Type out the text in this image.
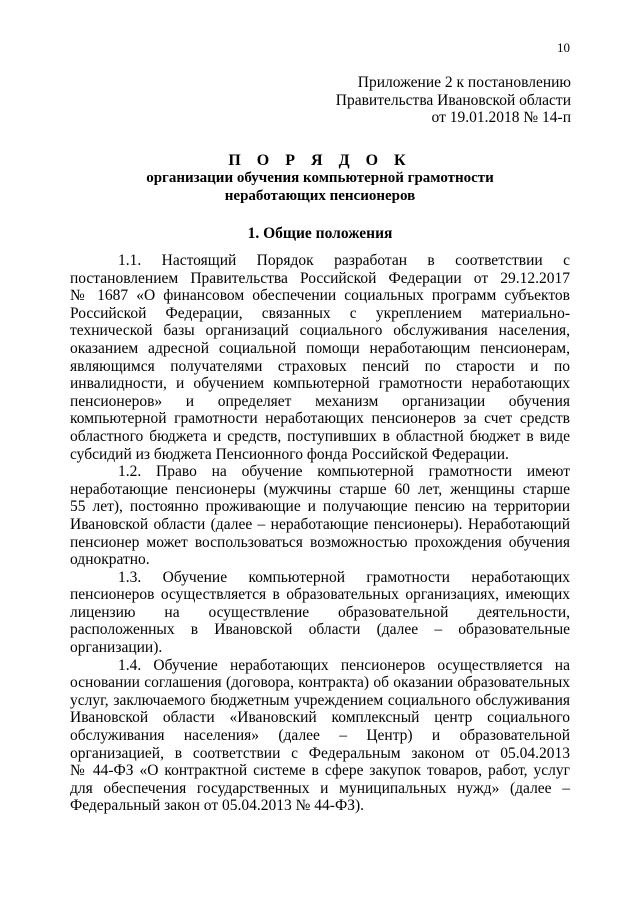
10
Приложение 2 к постановлению
Правительства Ивановской области
от 19.01.2018 № 14-п
П О Р Я Д О К
организации обучения компьютерной грамотности
неработающих пенсионеров
1. Общие положения
1.1. Настоящий Порядок разработан в соответствии с
постановлением Правительства Российской Федерации от 29.12.2017
№ 1687 «О финансовом обеспечении социальных программ субъектов
Российской Федерации, связанных с укреплением материально-
технической базы организаций социального обслуживания населения,
оказанием адресной социальной помощи неработающим пенсионерам,
являющимся получателями страховых пенсий по старости и по
инвалидности, и обучением компьютерной грамотности неработающих
пенсионеров» и определяет механизм организации обучения
компьютерной грамотности неработающих пенсионеров за счет средств
областного бюджета и средств, поступивших в областной бюджет в виде
субсидий из бюджета Пенсионного фонда Российской Федерации.
1.2. Право на обучение компьютерной грамотности имеют
неработающие пенсионеры (мужчины старше 60 лет, женщины старше
55 лет), постоянно проживающие и получающие пенсию на территории
Ивановской области (далее – неработающие пенсионеры). Неработающий
пенсионер может воспользоваться возможностью прохождения обучения
однократно.
1.3. Обучение компьютерной грамотности неработающих
пенсионеров осуществляется в образовательных организациях, имеющих
лицензию на осуществление образовательной деятельности,
расположенных в Ивановской области (далее – образовательные
организации).
1.4. Обучение неработающих пенсионеров осуществляется на
основании соглашения (договора, контракта) об оказании образовательных
услуг, заключаемого бюджетным учреждением социального обслуживания
Ивановской области «Ивановский комплексный центр социального
обслуживания населения» (далее – Центр) и образовательной
организацией, в соответствии с Федеральным законом от 05.04.2013
№ 44-ФЗ «О контрактной системе в сфере закупок товаров, работ, услуг
для обеспечения государственных и муниципальных нужд» (далее –
Федеральный закон от 05.04.2013 № 44-ФЗ).
